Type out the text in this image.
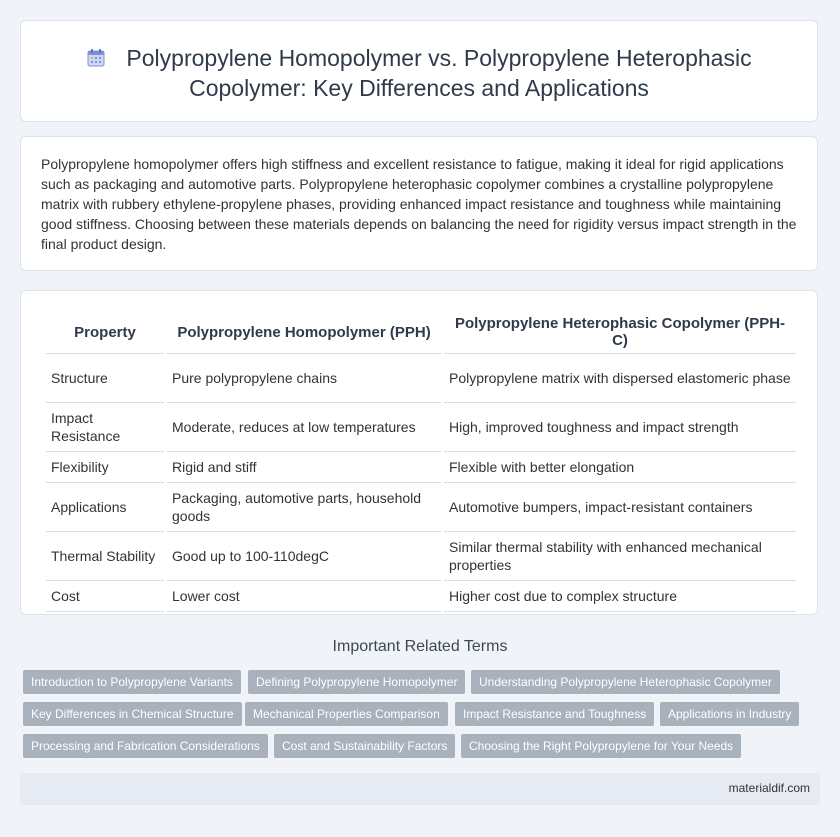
Polypropylene Homopolymer vs. Polypropylene Heterophasic Copolymer: Key Differences and Applications

Polypropylene homopolymer offers high stiffness and excellent resistance to fatigue, making it ideal for rigid applications such as packaging and automotive parts. Polypropylene heterophasic copolymer combines a crystalline polypropylene matrix with rubbery ethylene-propylene phases, providing enhanced impact resistance and toughness while maintaining good stiffness. Choosing between these materials depends on balancing the need for rigidity versus impact strength in the final product design.

Property	Polypropylene Homopolymer (PPH)	Polypropylene Heterophasic Copolymer (PPH-C)
Structure	Pure polypropylene chains	Polypropylene matrix with dispersed elastomeric phase
Impact Resistance	Moderate, reduces at low temperatures	High, improved toughness and impact strength
Flexibility	Rigid and stiff	Flexible with better elongation
Applications	Packaging, automotive parts, household goods	Automotive bumpers, impact-resistant containers
Thermal Stability	Good up to 100-110degC	Similar thermal stability with enhanced mechanical properties
Cost	Lower cost	Higher cost due to complex structure
Important Related Terms
Introduction to Polypropylene Variants	Defining Polypropylene Homopolymer	Understanding Polypropylene Heterophasic Copolymer
Key Differences in Chemical Structure	Mechanical Properties Comparison	Impact Resistance and Toughness	Applications in Industry
Processing and Fabrication Considerations	Cost and Sustainability Factors	Choosing the Right Polypropylene for Your Needs
materialdif.com
